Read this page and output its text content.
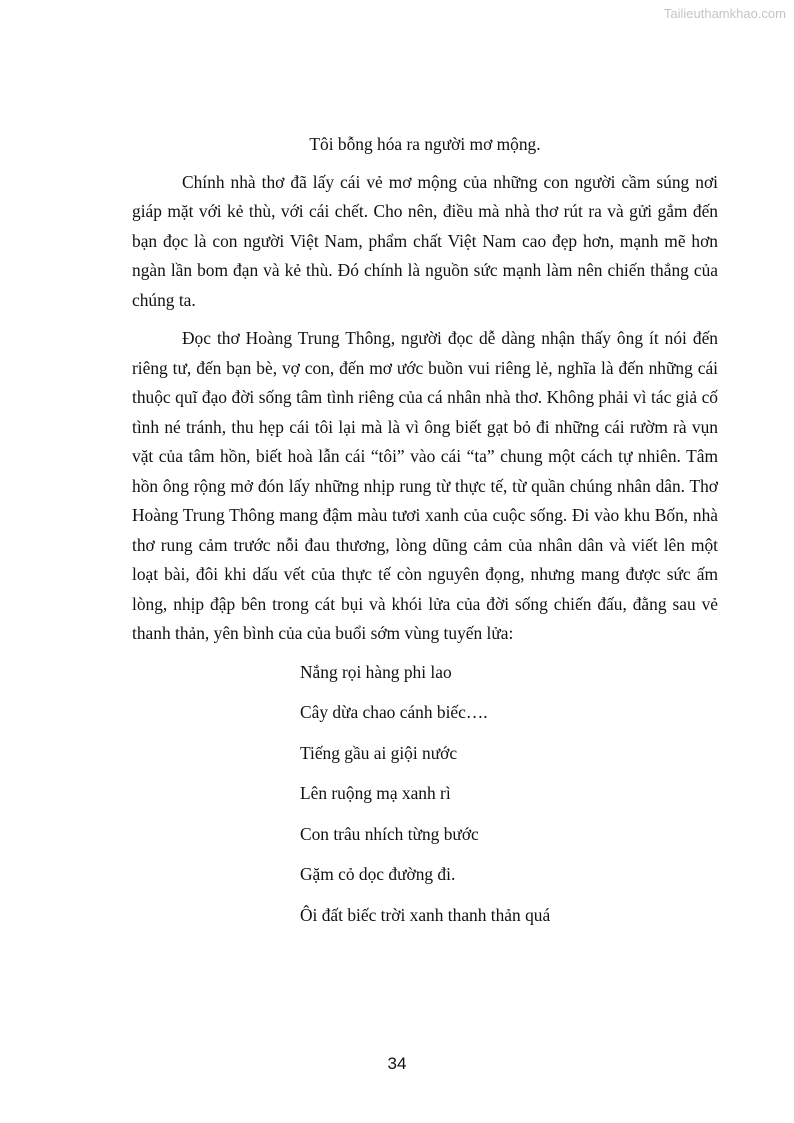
Tailieuthamkhao.com

Tôi bỗng hóa ra người mơ mộng.

Chính nhà thơ đã lấy cái vẻ mơ mộng của những con người cầm súng nơi giáp mặt với kẻ thù, với cái chết. Cho nên, điều mà nhà thơ rút ra và gửi gắm đến bạn đọc là con người Việt Nam, phẩm chất Việt Nam cao đẹp hơn, mạnh mẽ hơn ngàn lần bom đạn và kẻ thù. Đó chính là nguồn sức mạnh làm nên chiến thắng của chúng ta.

Đọc thơ Hoàng Trung Thông, người đọc dễ dàng nhận thấy ông ít nói đến riêng tư, đến bạn bè, vợ con, đến mơ ước buồn vui riêng lẻ, nghĩa là đến những cái thuộc quĩ đạo đời sống tâm tình riêng của cá nhân nhà thơ. Không phải vì tác giả cố tình né tránh, thu hẹp cái tôi lại mà là vì ông biết gạt bỏ đi những cái rườm rà vụn vặt của tâm hồn, biết hoà lẫn cái “tôi” vào cái “ta” chung một cách tự nhiên. Tâm hồn ông rộng mở đón lấy những nhịp rung từ thực tế, từ quần chúng nhân dân. Thơ Hoàng Trung Thông mang đậm màu tươi xanh của cuộc sống. Đi vào khu Bốn, nhà thơ rung cảm trước nỗi đau thương, lòng dũng cảm của nhân dân và viết lên một loạt bài, đôi khi dấu vết của thực tế còn nguyên đọng, nhưng mang được sức ấm lòng, nhịp đập bên trong cát bụi và khói lửa của đời sống chiến đấu, đằng sau vẻ thanh thản, yên bình của của buổi sớm vùng tuyến lửa:

Nắng rọi hàng phi lao
Cây dừa chao cánh biếc….
Tiếng gầu ai giội nước
Lên ruộng mạ xanh rì
Con trâu nhích từng bước
Gặm cỏ dọc đường đi.
Ôi đất biếc trời xanh thanh thản quá
34
